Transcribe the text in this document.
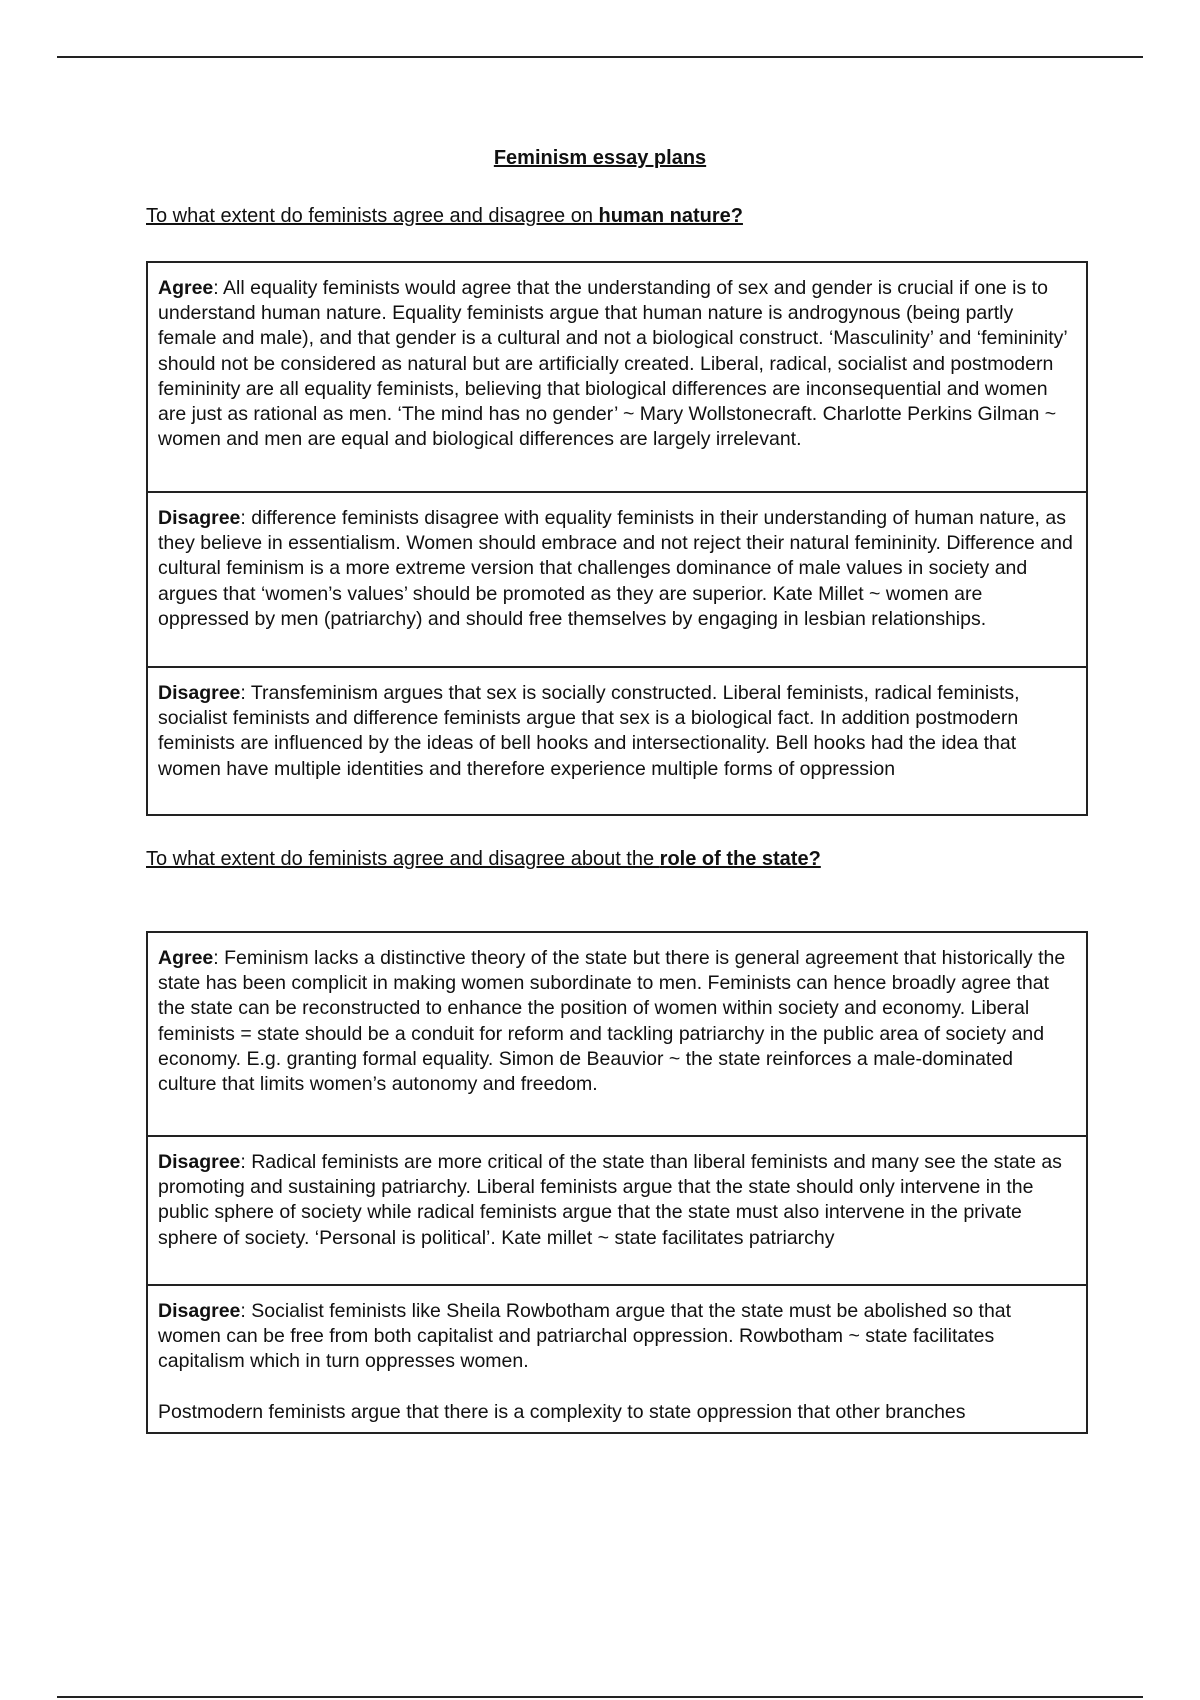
Feminism essay plans
To what extent do feminists agree and disagree on human nature?

Agree: All equality feminists would agree that the understanding of sex and gender is crucial if one is to understand human nature. Equality feminists argue that human nature is androgynous (being partly female and male), and that gender is a cultural and not a biological construct. ‘Masculinity’ and ‘femininity’ should not be considered as natural but are artificially created. Liberal, radical, socialist and postmodern femininity are all equality feminists, believing that biological differences are inconsequential and women are just as rational as men. ‘The mind has no gender’ ~ Mary Wollstonecraft. Charlotte Perkins Gilman ~ women and men are equal and biological differences are largely irrelevant.

Disagree: difference feminists disagree with equality feminists in their understanding of human nature, as they believe in essentialism. Women should embrace and not reject their natural femininity. Difference and cultural feminism is a more extreme version that challenges dominance of male values in society and argues that ‘women’s values’ should be promoted as they are superior. Kate Millet ~ women are oppressed by men (patriarchy) and should free themselves by engaging in lesbian relationships.

Disagree: Transfeminism argues that sex is socially constructed. Liberal feminists, radical feminists, socialist feminists and difference feminists argue that sex is a biological fact. In addition postmodern feminists are influenced by the ideas of bell hooks and intersectionality. Bell hooks had the idea that women have multiple identities and therefore experience multiple forms of oppression

To what extent do feminists agree and disagree about the role of the state?

Agree: Feminism lacks a distinctive theory of the state but there is general agreement that historically the state has been complicit in making women subordinate to men. Feminists can hence broadly agree that the state can be reconstructed to enhance the position of women within society and economy. Liberal feminists = state should be a conduit for reform and tackling patriarchy in the public area of society and economy. E.g. granting formal equality. Simon de Beauvior ~ the state reinforces a male-dominated culture that limits women’s autonomy and freedom.

Disagree: Radical feminists are more critical of the state than liberal feminists and many see the state as promoting and sustaining patriarchy. Liberal feminists argue that the state should only intervene in the public sphere of society while radical feminists argue that the state must also intervene in the private sphere of society. ‘Personal is political’. Kate millet ~ state facilitates patriarchy

Disagree: Socialist feminists like Sheila Rowbotham argue that the state must be abolished so that women can be free from both capitalist and patriarchal oppression. Rowbotham ~ state facilitates capitalism which in turn oppresses women.

Postmodern feminists argue that there is a complexity to state oppression that other branches
